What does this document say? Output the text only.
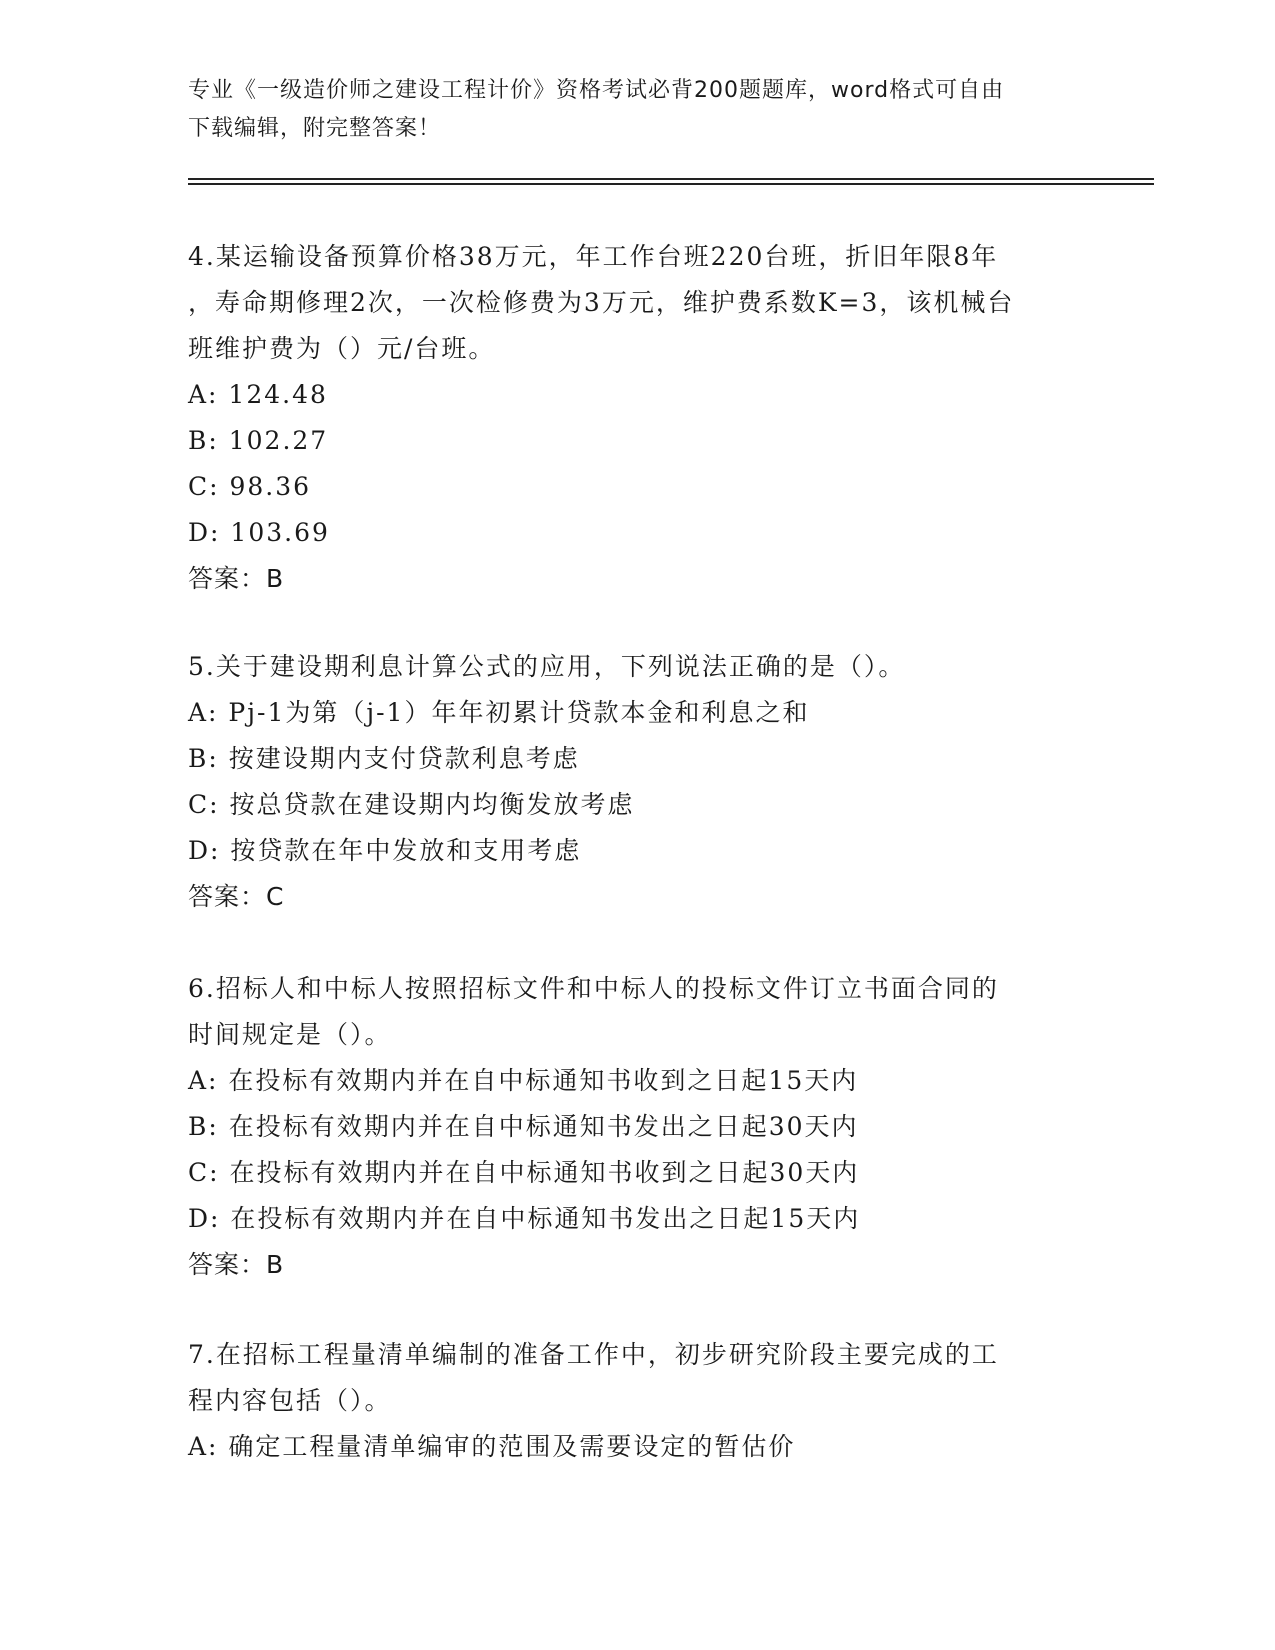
专业《一级造价师之建设工程计价》资格考试必背200题题库，word格式可自由
下载编辑，附完整答案！
4.某运输设备预算价格38万元，年工作台班220台班，折旧年限8年
，寿命期修理2次，一次检修费为3万元，维护费系数K=3，该机械台
班维护费为（）元/台班。
A: 124.48
B: 102.27
C: 98.36
D: 103.69
答案：B
5.关于建设期利息计算公式的应用，下列说法正确的是（）。
A: Pj-1为第（j-1）年年初累计贷款本金和利息之和
B: 按建设期内支付贷款利息考虑
C: 按总贷款在建设期内均衡发放考虑
D: 按贷款在年中发放和支用考虑
答案：C
6.招标人和中标人按照招标文件和中标人的投标文件订立书面合同的
时间规定是（）。
A: 在投标有效期内并在自中标通知书收到之日起15天内
B: 在投标有效期内并在自中标通知书发出之日起30天内
C: 在投标有效期内并在自中标通知书收到之日起30天内
D: 在投标有效期内并在自中标通知书发出之日起15天内
答案：B
7.在招标工程量清单编制的准备工作中，初步研究阶段主要完成的工
程内容包括（）。
A: 确定工程量清单编审的范围及需要设定的暂估价
